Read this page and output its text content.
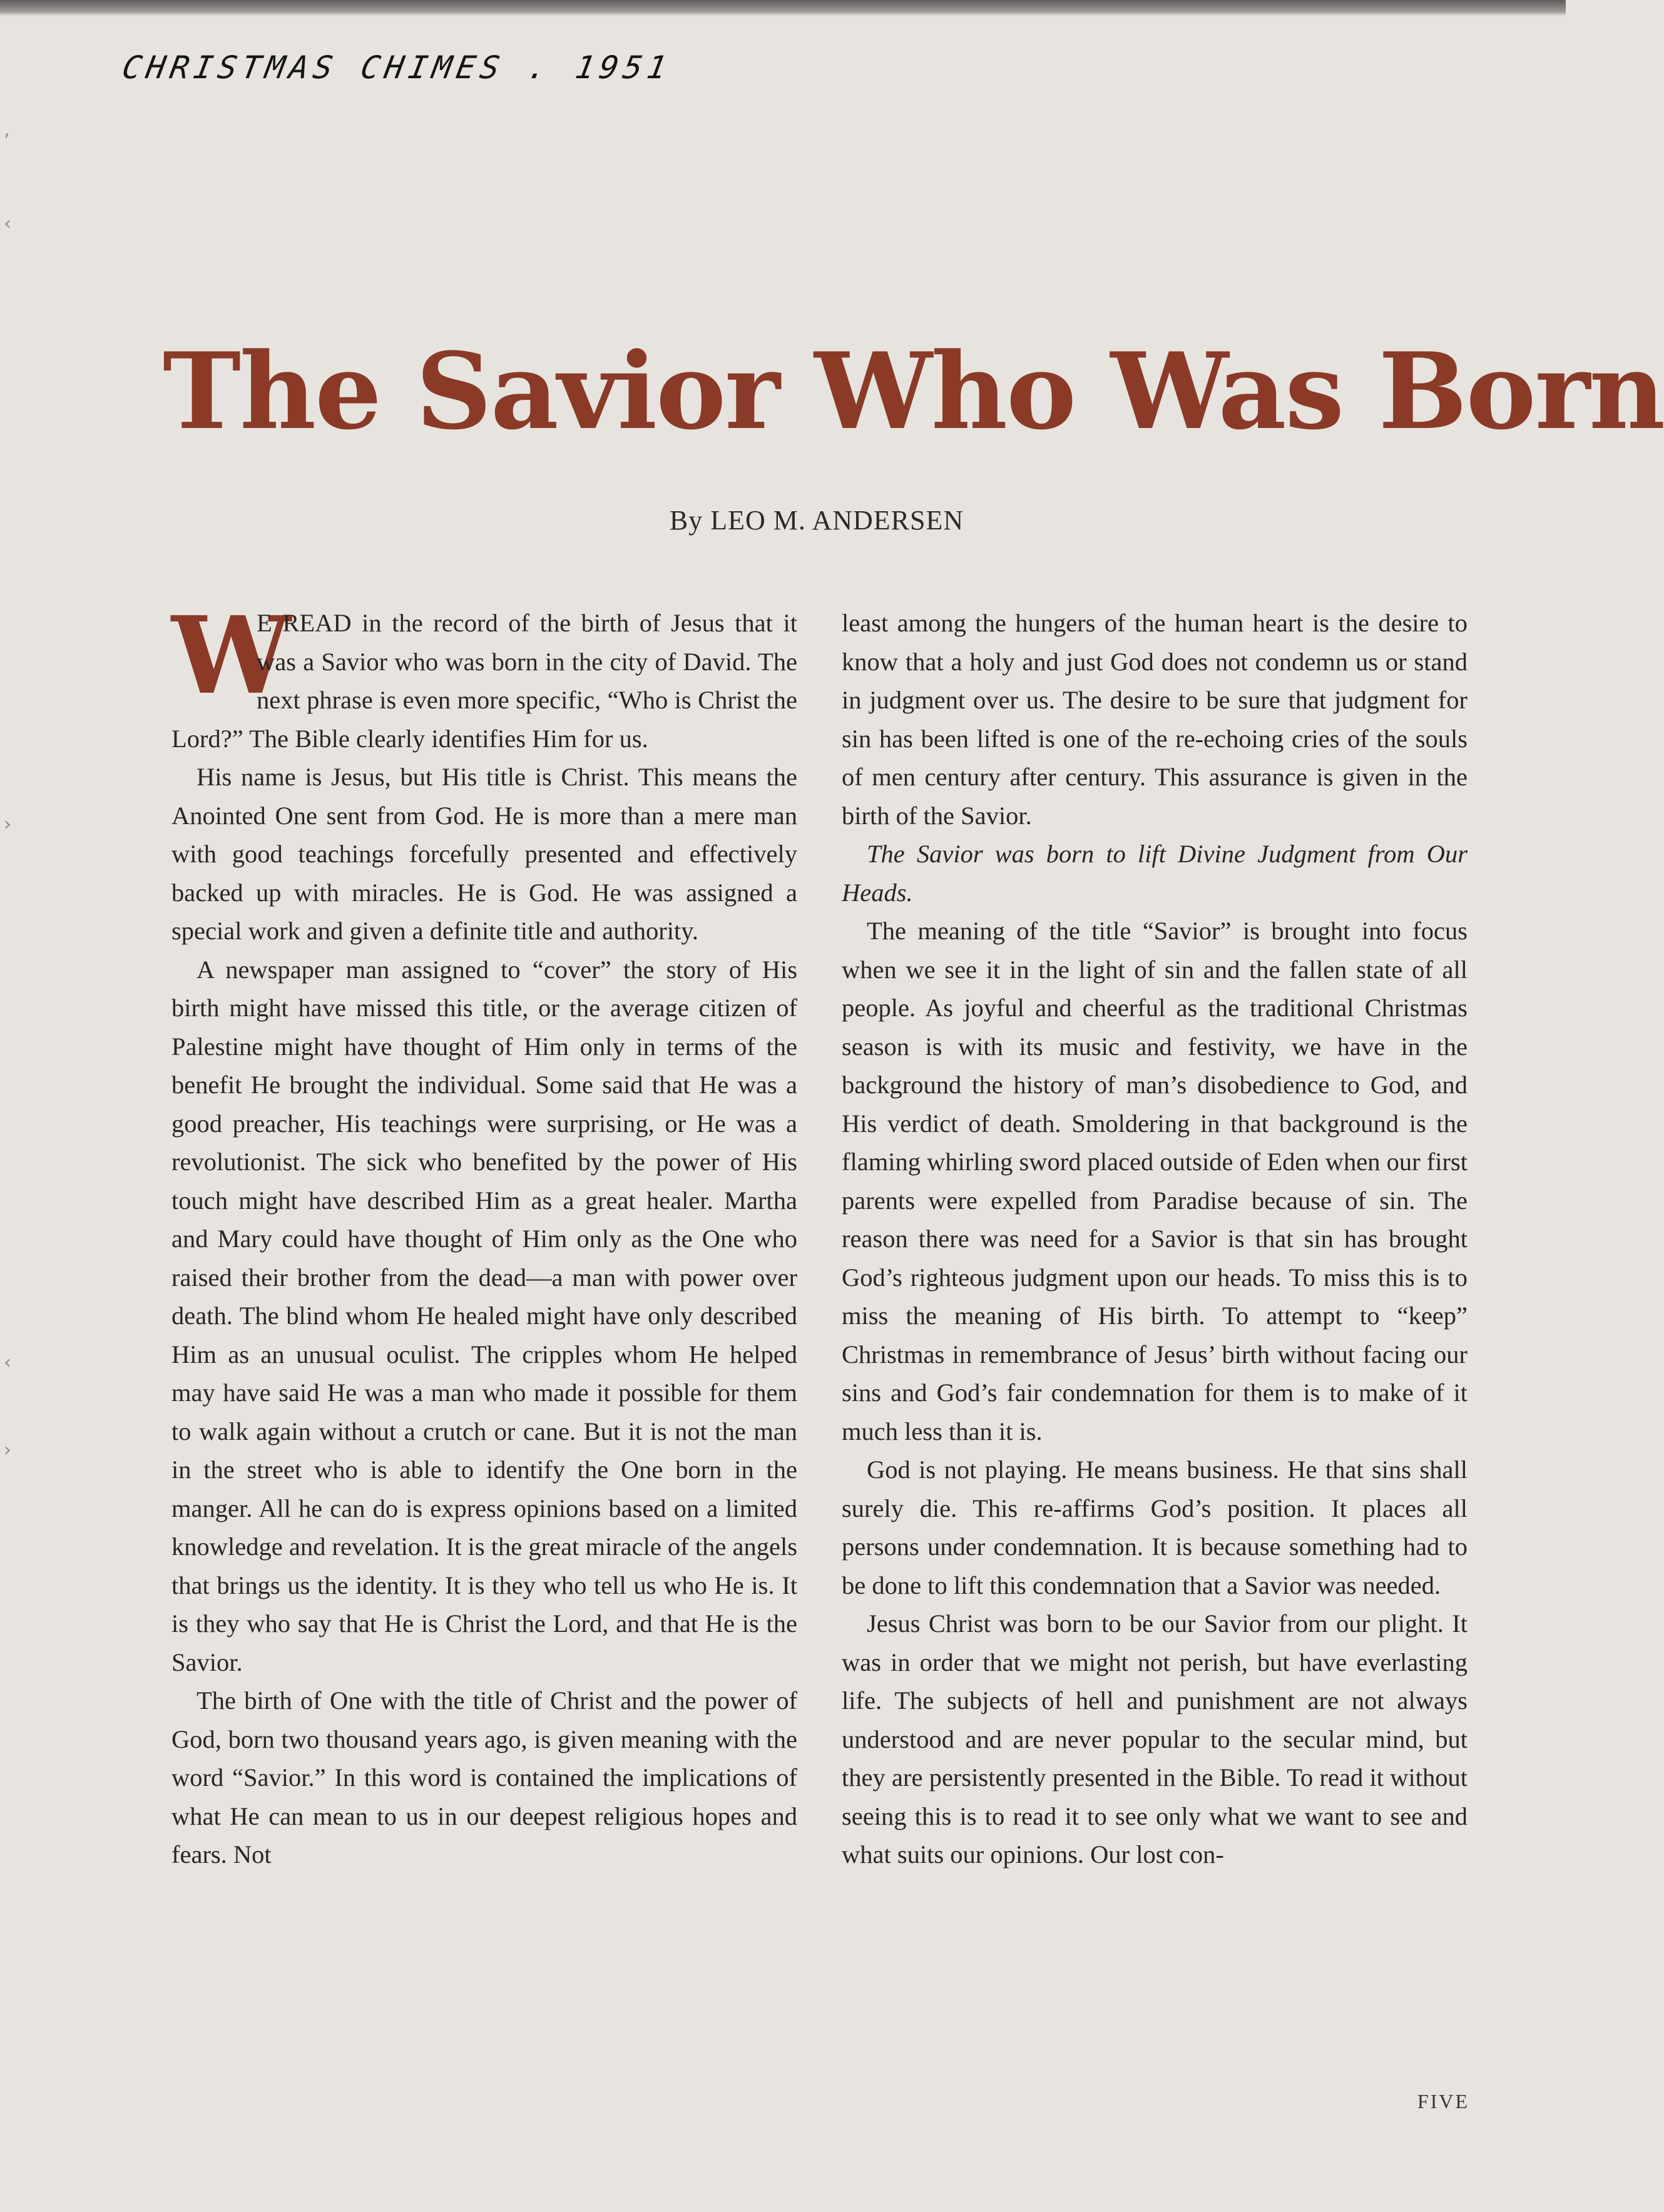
‚
‹
›
‹
›

CHRISTMAS CHIMES . 1951

The Savior Who Was Born

By LEO M. ANDERSEN

W
E READ in the record of the birth of Jesus that it was a Savior who was born in the city of David. The next phrase is even more specific, “Who is Christ the Lord?” The Bible clearly identifies Him for us.

His name is Jesus, but His title is Christ. This means the Anointed One sent from God. He is more than a mere man with good teachings forcefully presented and effectively backed up with miracles. He is God. He was assigned a special work and given a definite title and authority.

A newspaper man assigned to “cover” the story of His birth might have missed this title, or the average citizen of Palestine might have thought of Him only in terms of the benefit He brought the individual. Some said that He was a good preacher, His teachings were surprising, or He was a revolutionist. The sick who benefited by the power of His touch might have described Him as a great healer. Martha and Mary could have thought of Him only as the One who raised their brother from the dead—a man with power over death. The blind whom He healed might have only described Him as an unusual oculist. The cripples whom He helped may have said He was a man who made it possible for them to walk again without a crutch or cane. But it is not the man in the street who is able to identify the One born in the manger. All he can do is express opinions based on a limited knowledge and revelation. It is the great miracle of the angels that brings us the identity. It is they who tell us who He is. It is they who say that He is Christ the Lord, and that He is the Savior.

The birth of One with the title of Christ and the power of God, born two thousand years ago, is given meaning with the word “Savior.” In this word is contained the implications of what He can mean to us in our deepest religious hopes and fears. Not

least among the hungers of the human heart is the desire to know that a holy and just God does not condemn us or stand in judgment over us. The desire to be sure that judgment for sin has been lifted is one of the re-echoing cries of the souls of men century after century. This assurance is given in the birth of the Savior.

The Savior was born to lift Divine Judgment from Our Heads.

The meaning of the title “Savior” is brought into focus when we see it in the light of sin and the fallen state of all people. As joyful and cheerful as the traditional Christmas season is with its music and festivity, we have in the background the history of man’s disobedience to God, and His verdict of death. Smoldering in that background is the flaming whirling sword placed outside of Eden when our first parents were expelled from Paradise because of sin. The reason there was need for a Savior is that sin has brought God’s righteous judgment upon our heads. To miss this is to miss the meaning of His birth. To attempt to “keep” Christmas in remembrance of Jesus’ birth without facing our sins and God’s fair condemnation for them is to make of it much less than it is.

God is not playing. He means business. He that sins shall surely die. This re-affirms God’s position. It places all persons under condemnation. It is because something had to be done to lift this condemnation that a Savior was needed.

Jesus Christ was born to be our Savior from our plight. It was in order that we might not perish, but have everlasting life. The subjects of hell and punishment are not always understood and are never popular to the secular mind, but they are persistently presented in the Bible. To read it without seeing this is to read it to see only what we want to see and what suits our opinions. Our lost con-

FIVE
